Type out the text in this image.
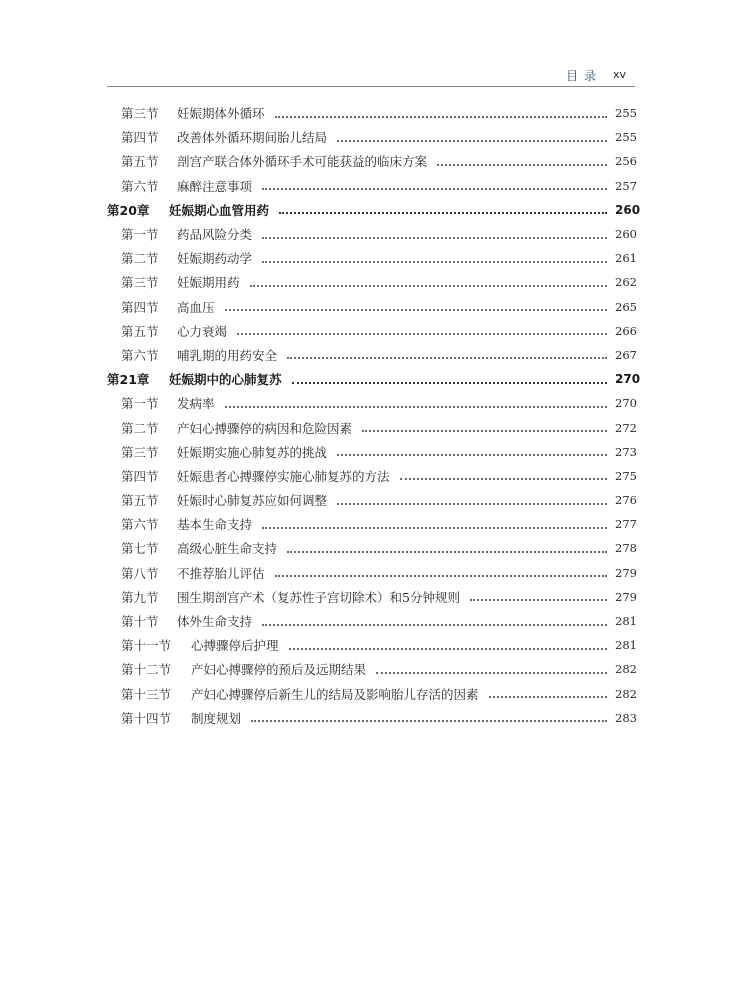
目 录 xv
第三节	妊娠期体外循环	255
第四节	改善体外循环期间胎儿结局	255
第五节	剖宫产联合体外循环手术可能获益的临床方案	256
第六节	麻醉注意事项	257
第20章	妊娠期心血管用药	260
第一节	药品风险分类	260
第二节	妊娠期药动学	261
第三节	妊娠期用药	262
第四节	高血压	265
第五节	心力衰竭	266
第六节	哺乳期的用药安全	267
第21章	妊娠期中的心肺复苏	270
第一节	发病率	270
第二节	产妇心搏骤停的病因和危险因素	272
第三节	妊娠期实施心肺复苏的挑战	273
第四节	妊娠患者心搏骤停实施心肺复苏的方法	275
第五节	妊娠时心肺复苏应如何调整	276
第六节	基本生命支持	277
第七节	高级心脏生命支持	278
第八节	不推荐胎儿评估	279
第九节	围生期剖宫产术（复苏性子宫切除术）和5分钟规则	279
第十节	体外生命支持	281
第十一节	心搏骤停后护理	281
第十二节	产妇心搏骤停的预后及远期结果	282
第十三节	产妇心搏骤停后新生儿的结局及影响胎儿存活的因素	282
第十四节	制度规划	283
